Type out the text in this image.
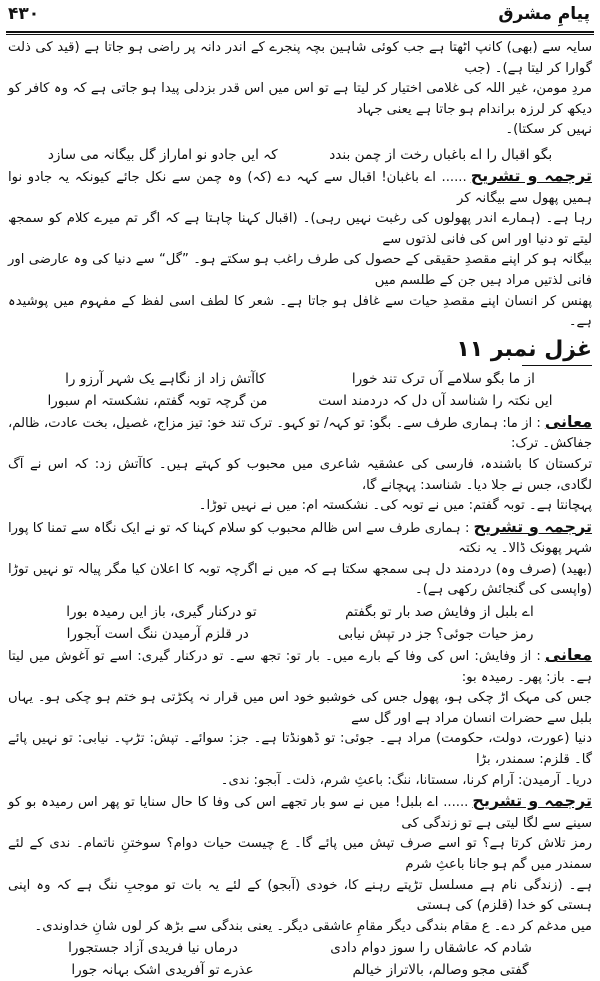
۴۳۰	پیامِ مشرق

سایہ سے (بھی) کانپ اٹھتا ہے جب کوئی شاہین بچہ پنجرے کے اندر دانہ پر راضی ہو جاتا ہے (قید کی ذلت گوارا کر لیتا ہے)۔ (جب

مردِ مومن، غیر اللہ کی غلامی اختیار کر لیتا ہے تو اس میں اس قدر بزدلی پیدا ہو جاتی ہے کہ وہ کافر کو دیکھ کر لرزہ براندام ہو جاتا ہے یعنی جہاد

نہیں کر سکتا)۔

بگو اقبال را اے باغباں رخت از چمن بندد
کہ ایں جادو نو اماراز گل بیگانہ می سازد

ترجمہ و تشریح...... اے باغبان! اقبال سے کہہ دے (کہ) وہ چمن سے نکل جائے کیونکہ یہ جادو نوا ہمیں پھول سے بیگانہ کر

رہا ہے۔ (ہمارے اندر پھولوں کی رغبت نہیں رہی)۔ (اقبال کہنا چاہتا ہے کہ اگر تم میرے کلام کو سمجھ لیتے تو دنیا اور اس کی فانی لذتوں سے

بیگانہ ہو کر اپنے مقصدِ حقیقی کے حصول کی طرف راغب ہو سکتے ہو۔ ”گل“ سے دنیا کی وہ عارضی اور فانی لذتیں مراد ہیں جن کے طلسم میں

پھنس کر انسان اپنے مقصدِ حیات سے غافل ہو جاتا ہے۔ شعر کا لطف اسی لفظ کے مفہوم میں پوشیدہ ہے۔

غزل نمبر ۱۱
از ما بگو سلامے آں ترک تند خورا
کاآتش زاد از نگاہے یک شہر آرزو را
ایں نکتہ را شناسد آں دل کہ دردمند است
من گرچہ توبہ گفتم، نشکستہ ام سبورا

معانی: از ما: ہماری طرف سے۔ بگو: تو کہہ/ تو کہو۔ ترک تند خو: تیز مزاج، غصیل، بخت عادت، ظالم، جفاکش۔ ترک:

ترکستان کا باشندہ، فارسی کی عشقیہ شاعری میں محبوب کو کہتے ہیں۔ کاآتش زد: کہ اس نے آگ لگادی، جس نے جلا دیا۔ شناسد: پہچانے گا،

پہچانتا ہے۔ توبہ گفتم: میں نے توبہ کی۔ نشکستہ ام: میں نے نہیں توڑا۔

ترجمہ و تشریح: ہماری طرف سے اس ظالم محبوب کو سلام کہنا کہ تو نے ایک نگاہ سے تمنا کا پورا شہر پھونک ڈالا۔ یہ نکتہ

(بھید) (صرف وہ) دردمند دل ہی سمجھ سکتا ہے کہ میں نے اگرچہ توبہ کا اعلان کیا مگر پیالہ تو نہیں توڑا (واپسی کی گنجائش رکھی ہے)۔

اے بلبل از وفایش صد بار تو بگفتم
تو درکنار گیری، باز ایں رمیدہ بورا
رمز حیات جوئی؟ جز در تپش نیابی
در قلزم آرمیدن ننگ است آبجورا

معانی: از وفایش: اس کی وفا کے بارے میں۔ بار تو: تجھ سے۔ تو درکنار گیری: اسے تو آغوش میں لیتا ہے۔ باز: پھر۔ رمیدہ بو:

جس کی مہک اڑ چکی ہو، پھول جس کی خوشبو خود اس میں قرار نہ پکڑتی ہو ختم ہو چکی ہو۔ یہاں بلبل سے حضرات انسان مراد ہے اور گل سے

دنیا (عورت، دولت، حکومت) مراد ہے۔ جوئی: تو ڈھونڈتا ہے۔ جز: سوائے۔ تپش: تڑپ۔ نیابی: تو نہیں پائے گا۔ قلزم: سمندر، بڑا

دریا۔ آرمیدن: آرام کرنا، سستانا، ننگ: باعثِ شرم، ذلت۔ آبجو: ندی۔

ترجمہ و تشریح...... اے بلبل! میں نے سو بار تجھے اس کی وفا کا حال سنایا تو پھر اس رمیدہ بو کو سینے سے لگا لیتی ہے تو زندگی کی

رمز تلاش کرتا ہے؟ تو اسے صرف تپش میں پائے گا۔ ع چیست حیات دوام؟ سوختنِ ناتمام۔ ندی کے لئے سمندر میں گم ہو جانا باعثِ شرم

ہے۔ (زندگی نام ہے مسلسل تڑپتے رہنے کا، خودی (آبجو) کے لئے یہ بات تو موجبِ ننگ ہے کہ وہ اپنی ہستی کو خدا (قلزم) کی ہستی

میں مدغم کر دے۔ ع مقام بندگی دیگر مقامِ عاشقی دیگر۔ یعنی بندگی سے بڑھ کر لوں شانِ خداوندی۔

شادم کہ عاشقاں را سوز دوام دادی
درماں نیا فریدی آزاد جستجورا
گفتی مجو وصالم، بالاتراز خیالم
عذرے تو آفریدی اشک بہانہ جورا
